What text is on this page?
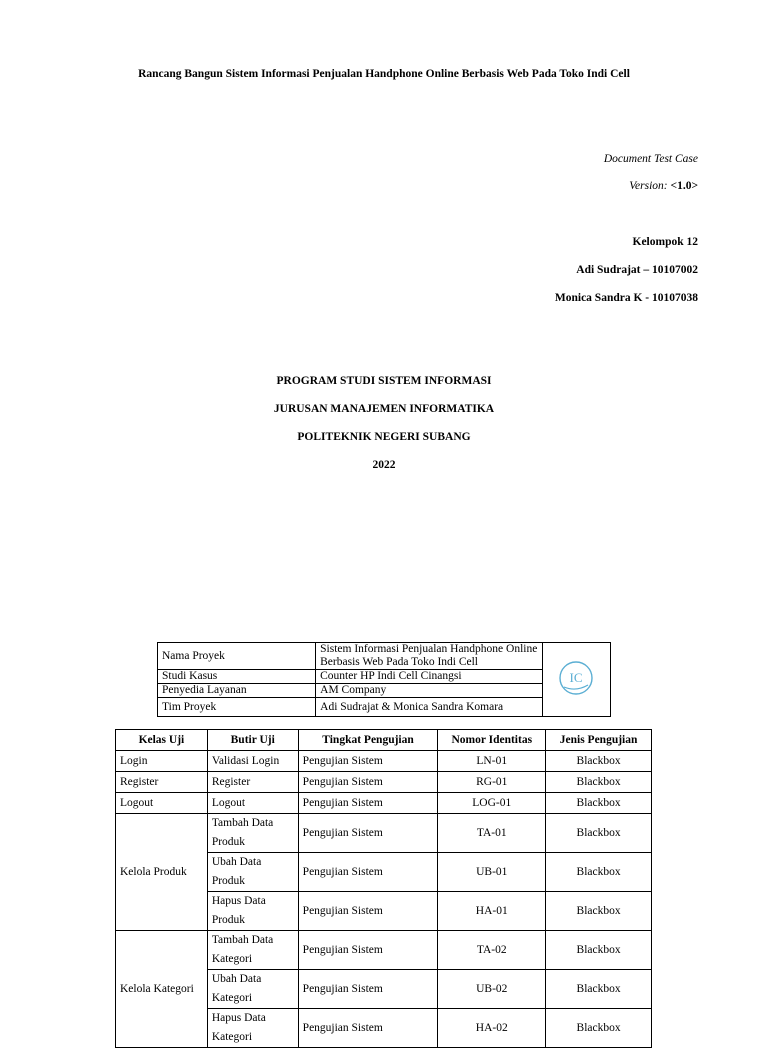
Rancang Bangun Sistem Informasi Penjualan Handphone Online Berbasis Web Pada Toko Indi Cell
Document Test Case
Version: <1.0>
Kelompok 12
Adi Sudrajat – 10107002
Monica Sandra K - 10107038
PROGRAM STUDI SISTEM INFORMASI
JURUSAN MANAJEMEN INFORMATIKA
POLITEKNIK NEGERI SUBANG
2022
Nama Proyek	Sistem Informasi Penjualan Handphone Online Berbasis Web Pada Toko Indi Cell	IC

Studi Kasus	Counter HP Indi Cell Cinangsi	
Penyedia Layanan	AM Company	
Tim Proyek	Adi Sudrajat & Monica Sandra Komara	
Kelas Uji	Butir Uji	Tingkat Pengujian	Nomor Identitas	Jenis Pengujian
Login	Validasi Login	Pengujian Sistem	LN-01	Blackbox
Register	Register	Pengujian Sistem	RG-01	Blackbox
Logout	Logout	Pengujian Sistem	LOG-01	Blackbox
Kelola Produk	Tambah Data Produk	Pengujian Sistem	TA-01	Blackbox
	Ubah Data Produk	Pengujian Sistem	UB-01	Blackbox
	Hapus Data Produk	Pengujian Sistem	HA-01	Blackbox
Kelola Kategori	Tambah Data Kategori	Pengujian Sistem	TA-02	Blackbox
	Ubah Data Kategori	Pengujian Sistem	UB-02	Blackbox
	Hapus Data Kategori	Pengujian Sistem	HA-02	Blackbox
